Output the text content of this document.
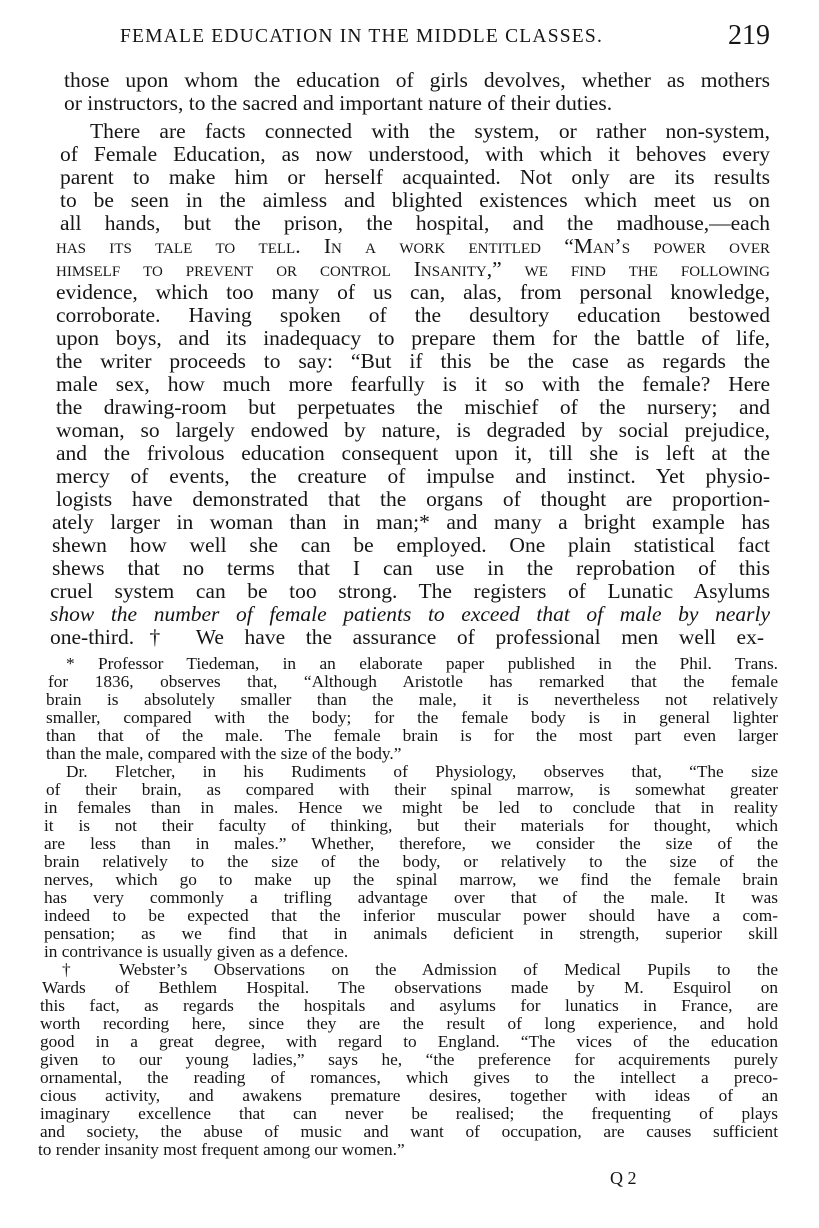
FEMALE EDUCATION IN THE MIDDLE CLASSES.	219
those upon whom the education of girls devolves, whether as mothers
or instructors, to the sacred and important nature of their duties.
There are facts connected with the system, or rather non-system,
of Female Education, as now understood, with which it behoves every
parent to make him or herself acquainted. Not only are its results
to be seen in the aimless and blighted existences which meet us on
all hands, but the prison, the hospital, and the madhouse,—each
has its tale to tell. In a work entitled “Man’s power over
himself to prevent or control Insanity,” we find the following
evidence, which too many of us can, alas, from personal knowledge,
corroborate. Having spoken of the desultory education bestowed
upon boys, and its inadequacy to prepare them for the battle of life,
the writer proceeds to say: “But if this be the case as regards the
male sex, how much more fearfully is it so with the female? Here
the drawing-room but perpetuates the mischief of the nursery; and
woman, so largely endowed by nature, is degraded by social prejudice,
and the frivolous education consequent upon it, till she is left at the
mercy of events, the creature of impulse and instinct. Yet physio-
logists have demonstrated that the organs of thought are proportion-
ately larger in woman than in man;* and many a bright example has
shewn how well she can be employed. One plain statistical fact
shews that no terms that I can use in the reprobation of this
cruel system can be too strong. The registers of Lunatic Asylums
show the number of female patients to exceed that of male by nearly
one-third.† We have the assurance of professional men well ex-
* Professor Tiedeman, in an elaborate paper published in the Phil. Trans.
for 1836, observes that, “Although Aristotle has remarked that the female
brain is absolutely smaller than the male, it is nevertheless not relatively
smaller, compared with the body; for the female body is in general lighter
than that of the male. The female brain is for the most part even larger
than the male, compared with the size of the body.”
Dr. Fletcher, in his Rudiments of Physiology, observes that, “The size
of their brain, as compared with their spinal marrow, is somewhat greater
in females than in males. Hence we might be led to conclude that in reality
it is not their faculty of thinking, but their materials for thought, which
are less than in males.” Whether, therefore, we consider the size of the
brain relatively to the size of the body, or relatively to the size of the
nerves, which go to make up the spinal marrow, we find the female brain
has very commonly a trifling advantage over that of the male. It was
indeed to be expected that the inferior muscular power should have a com-
pensation; as we find that in animals deficient in strength, superior skill
in contrivance is usually given as a defence.
† Webster’s Observations on the Admission of Medical Pupils to the
Wards of Bethlem Hospital. The observations made by M. Esquirol on
this fact, as regards the hospitals and asylums for lunatics in France, are
worth recording here, since they are the result of long experience, and hold
good in a great degree, with regard to England. “The vices of the education
given to our young ladies,” says he, “the preference for acquirements purely
ornamental, the reading of romances, which gives to the intellect a preco-
cious activity, and awakens premature desires, together with ideas of an
imaginary excellence that can never be realised; the frequenting of plays
and society, the abuse of music and want of occupation, are causes sufficient
to render insanity most frequent among our women.”
Q 2
